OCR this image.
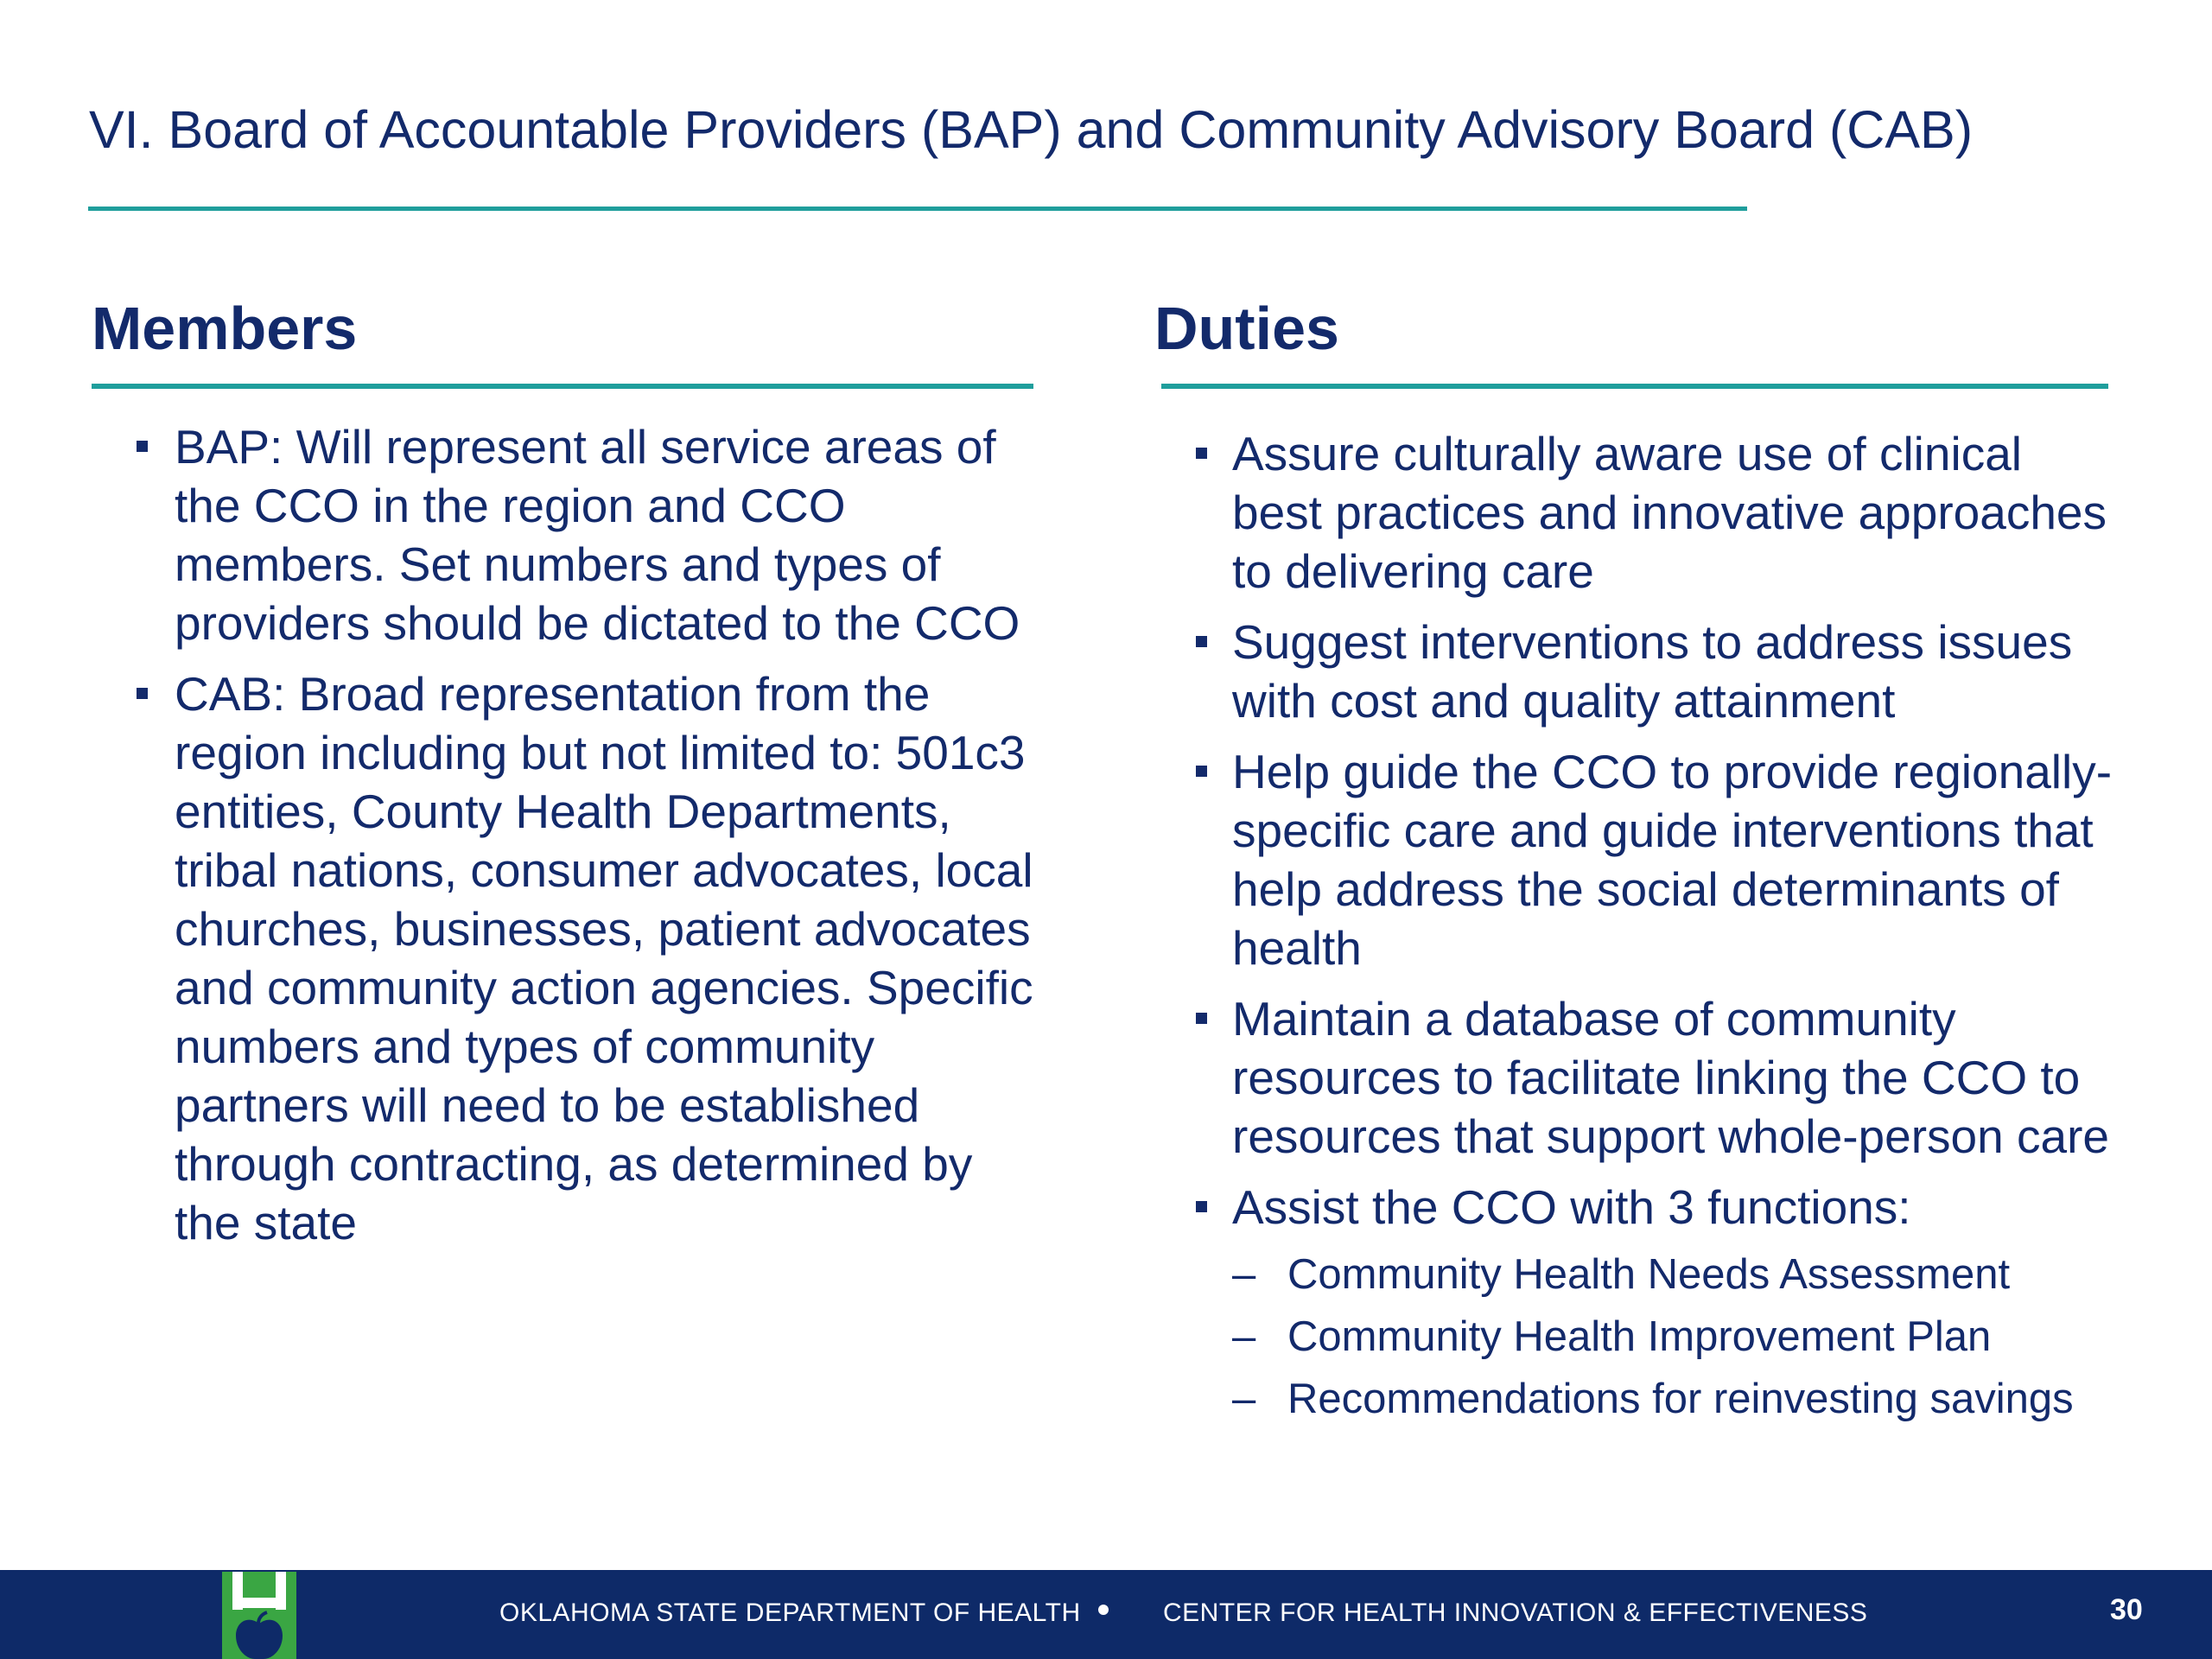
VI. Board of Accountable Providers (BAP) and Community Advisory Board (CAB)
Members
BAP: Will represent all service areas of the CCO in the region and CCO members. Set numbers and types of providers should be dictated to the CCO
CAB: Broad representation from the region including but not limited to: 501c3 entities, County Health Departments, tribal nations, consumer advocates, local churches, businesses, patient advocates and community action agencies. Specific numbers and types of community partners will need to be established through contracting, as determined by the state
Duties
Assure culturally aware use of clinical best practices and innovative approaches to delivering care
Suggest interventions to address issues with cost and quality attainment
Help guide the CCO to provide regionally-specific care and guide interventions that help address the social determinants of health
Maintain a database of community resources to facilitate linking the CCO to resources that support whole-person care
Assist the CCO with 3 functions:
– Community Health Needs Assessment
– Community Health Improvement Plan
– Recommendations for reinvesting savings
OKLAHOMA STATE DEPARTMENT OF HEALTH	CENTER FOR HEALTH INNOVATION & EFFECTIVENESS	30
